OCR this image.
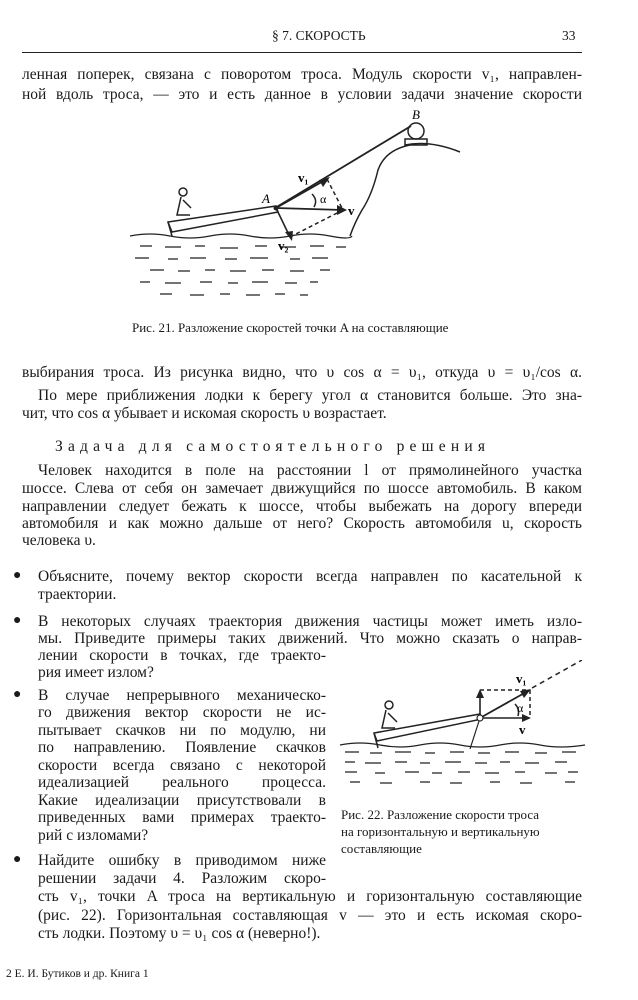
§ 7. СКОРОСТЬ	33
ленная поперек, связана с поворотом троса. Модуль скорости v₁, направлен-
ной вдоль троса, — это и есть данное в условии задачи значение скорости
A
B
v₁
v
v₂
α
Рис. 21. Разложение скоростей точки A на составляющие
выбирания троса. Из рисунка видно, что υ cos α = υ₁, откуда υ = υ₁/cos α.
По мере приближения лодки к берегу угол α становится больше. Это зна-
чит, что cos α убывает и искомая скорость υ возрастает.
Задача для самостоятельного решения
Человек находится в поле на расстоянии l от прямолинейного участка
шоссе. Слева от себя он замечает движущийся по шоссе автомобиль. В каком
направлении следует бежать к шоссе, чтобы выбежать на дорогу впереди
автомобиля и как можно дальше от него? Скорость автомобиля u, скорость
человека υ.
● Объясните, почему вектор скорости всегда направлен по касательной к
траектории.
● В некоторых случаях траектория движения частицы может иметь изло-
мы. Приведите примеры таких движений. Что можно сказать о направ-
лении скорости в точках, где траекто-
рия имеет излом?
● В случае непрерывного механическо-
го движения вектор скорости не ис-
пытывает скачков ни по модулю, ни
по направлению. Появление скачков
скорости всегда связано с некоторой
идеализацией реального процесса.
Какие идеализации присутствовали в
приведенных вами примерах траекто-
рий с изломами?
● Найдите ошибку в приводимом ниже
решении задачи 4. Разложим скоро-
сть v₁, точки A троса на вертикальную и горизонтальную составляющие
(рис. 22). Горизонтальная составляющая v — это и есть искомая скоро-
сть лодки. Поэтому υ = υ₁ cos α (неверно!).
v₁
v
α
Рис. 22. Разложение скорости троса
на горизонтальную и вертикальную
составляющие
2 Е. И. Бутиков и др. Книга 1
